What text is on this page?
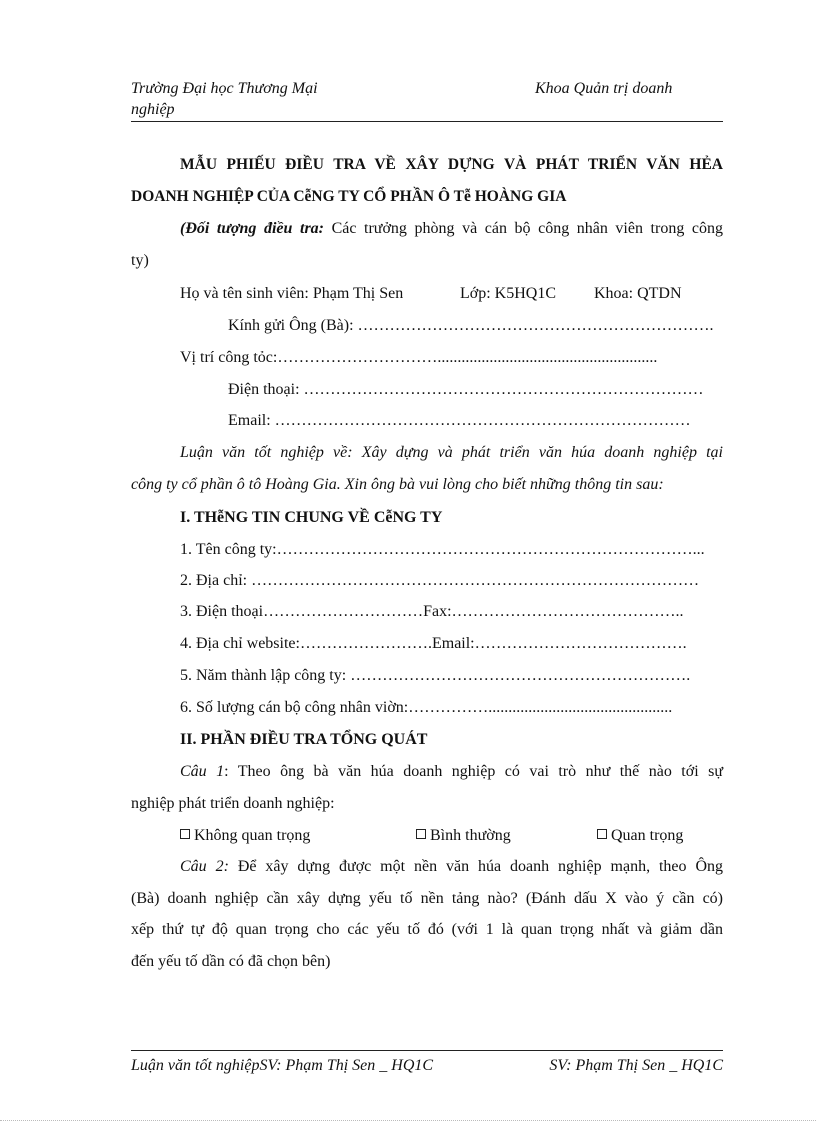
Trường Đại học Thương Mại
nghiệp
Khoa Quản trị doanh
MẪU PHIẾU ĐIỀU TRA VỀ XÂY DỰNG VÀ PHÁT TRIỂN VĂN HẺA
DOANH NGHIỆP CỦA CễNG TY CỔ PHẦN Ô Tễ HOÀNG GIA
(Đối tượng điều tra: Các trưởng phòng và cán bộ công nhân viên trong công
ty)
Họ và tên sinh viên: Phạm Thị Sen	Lớp: K5HQ1C Khoa: QTDN
Kính gửi Ông (Bà): ………………………………………………………….
Vị trí công tỏc:………………………….......................................................
Điện thoại: …………………………………………………………………
Email: ……………………………………………………………………
Luận văn tốt nghiệp về: Xây dựng và phát triển văn húa doanh nghiệp tại
công ty cổ phần ô tô Hoàng Gia. Xin ông bà vui lòng cho biết những thông tin sau:
I. THễNG TIN CHUNG VỀ CễNG TY
1. Tên công ty:……………………………………………………………………...
2. Địa chỉ: …………………………………………………………………………
3. Điện thoại…………………………Fax:……………………………………..
4. Địa chỉ website:…………………….Email:………………………………….
5. Năm thành lập công ty: ……………………………………………………….
6. Số lượng cán bộ công nhân viờn:……………..............................................
II. PHẦN ĐIỀU TRA TỔNG QUÁT
Câu 1: Theo ông bà văn húa doanh nghiệp có vai trò như thế nào tới sự
nghiệp phát triển doanh nghiệp:
Không quan trọng	Bình thường	Quan trọng
Câu 2: Để xây dựng được một nền văn húa doanh nghiệp mạnh, theo Ông
(Bà) doanh nghiệp cần xây dựng yếu tố nền tảng nào? (Đánh dấu X vào ý cần có)
xếp thứ tự độ quan trọng cho các yếu tố đó (với 1 là quan trọng nhất và giảm dần
đến yếu tố dần có đã chọn bên)
Luận văn tốt nghiệpSV: Phạm Thị Sen _ HQ1C	SV: Phạm Thị Sen _ HQ1C
